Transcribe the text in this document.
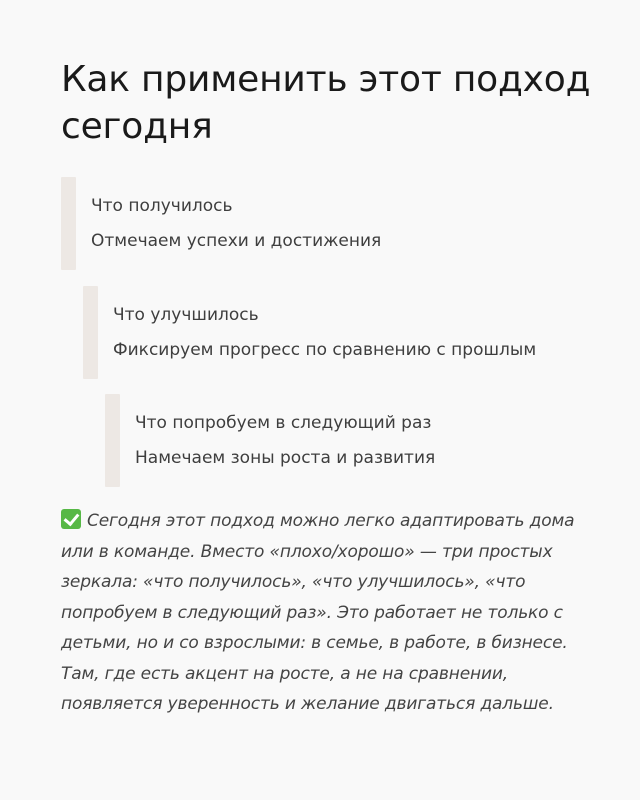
Как применить этот подход сегодня
Что получилось
Отмечаем успехи и достижения
Что улучшилось
Фиксируем прогресс по сравнению с прошлым
Что попробуем в следующий раз
Намечаем зоны роста и развития

Сегодня этот подход можно легко адаптировать дома или в команде. Вместо «плохо/хорошо» — три простых зеркала: «что получилось», «что улучшилось», «что попробуем в следующий раз». Это работает не только с детьми, но и со взрослыми: в семье, в работе, в бизнесе. Там, где есть акцент на росте, а не на сравнении, появляется уверенность и желание двигаться дальше.
